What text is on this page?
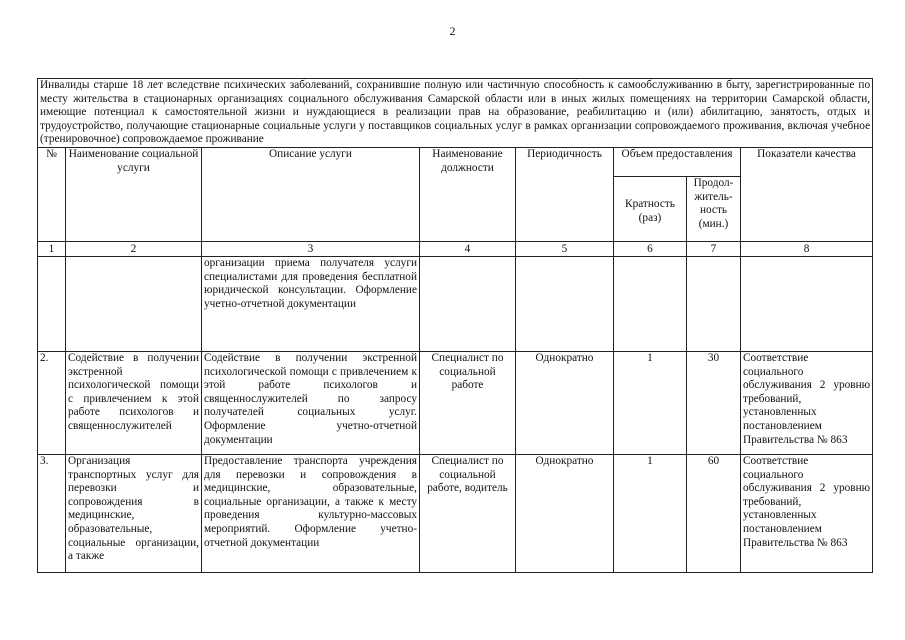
2
Инвалиды старше 18 лет вследствие психических заболеваний, сохранившие полную или частичную способность к самообслуживанию в быту, зарегистрированные по месту жительства в стационарных организациях социального обслуживания Самарской области или в иных жилых помещениях на территории Самарской области, имеющие потенциал к самостоятельной жизни и нуждающиеся в реализации прав на образование, реабилитацию и (или) абилитацию, занятость, отдых и трудоустройство, получающие стационарные социальные услуги у поставщиков социальных услуг в рамках организации сопровождаемого проживания, включая учебное (тренировочное) сопровождаемое проживание							
№	Наименование социальной услуги	Описание услуги	Наименование должности	Периодичность	Объем предоставления		Показатели качества
					Кратность (раз)	Продол-житель-ность (мин.)	
1	2	3	4	5	6	7	8
		организации приема получателя услуги специалистами для проведения бесплатной юридической консультации. Оформление учетно-отчетной документации					
2.	Содействие в получении экстренной психологической помощи с привлечением к этой работе психологов и священнослужителей	Содействие в получении экстренной психологической помощи с привлечением к этой работе психологов и священнослужителей по запросу получателей социальных услуг. Оформление учетно-отчетной документации	Специалист по социальной работе	Однократно	1	30	Соответствие социального обслуживания 2 уровню требований, установленных постановлением Правительства № 863
3.	Организация транспортных услуг для перевозки и сопровождения в медицинские, образовательные, социальные организации, а также	Предоставление транспорта учреждения для перевозки и сопровождения в медицинские, образовательные, социальные организации, а также к месту проведения культурно-массовых мероприятий. Оформление учетно-отчетной документации	Специалист по социальной работе, водитель	Однократно	1	60	Соответствие социального обслуживания 2 уровню требований, установленных постановлением Правительства № 863
